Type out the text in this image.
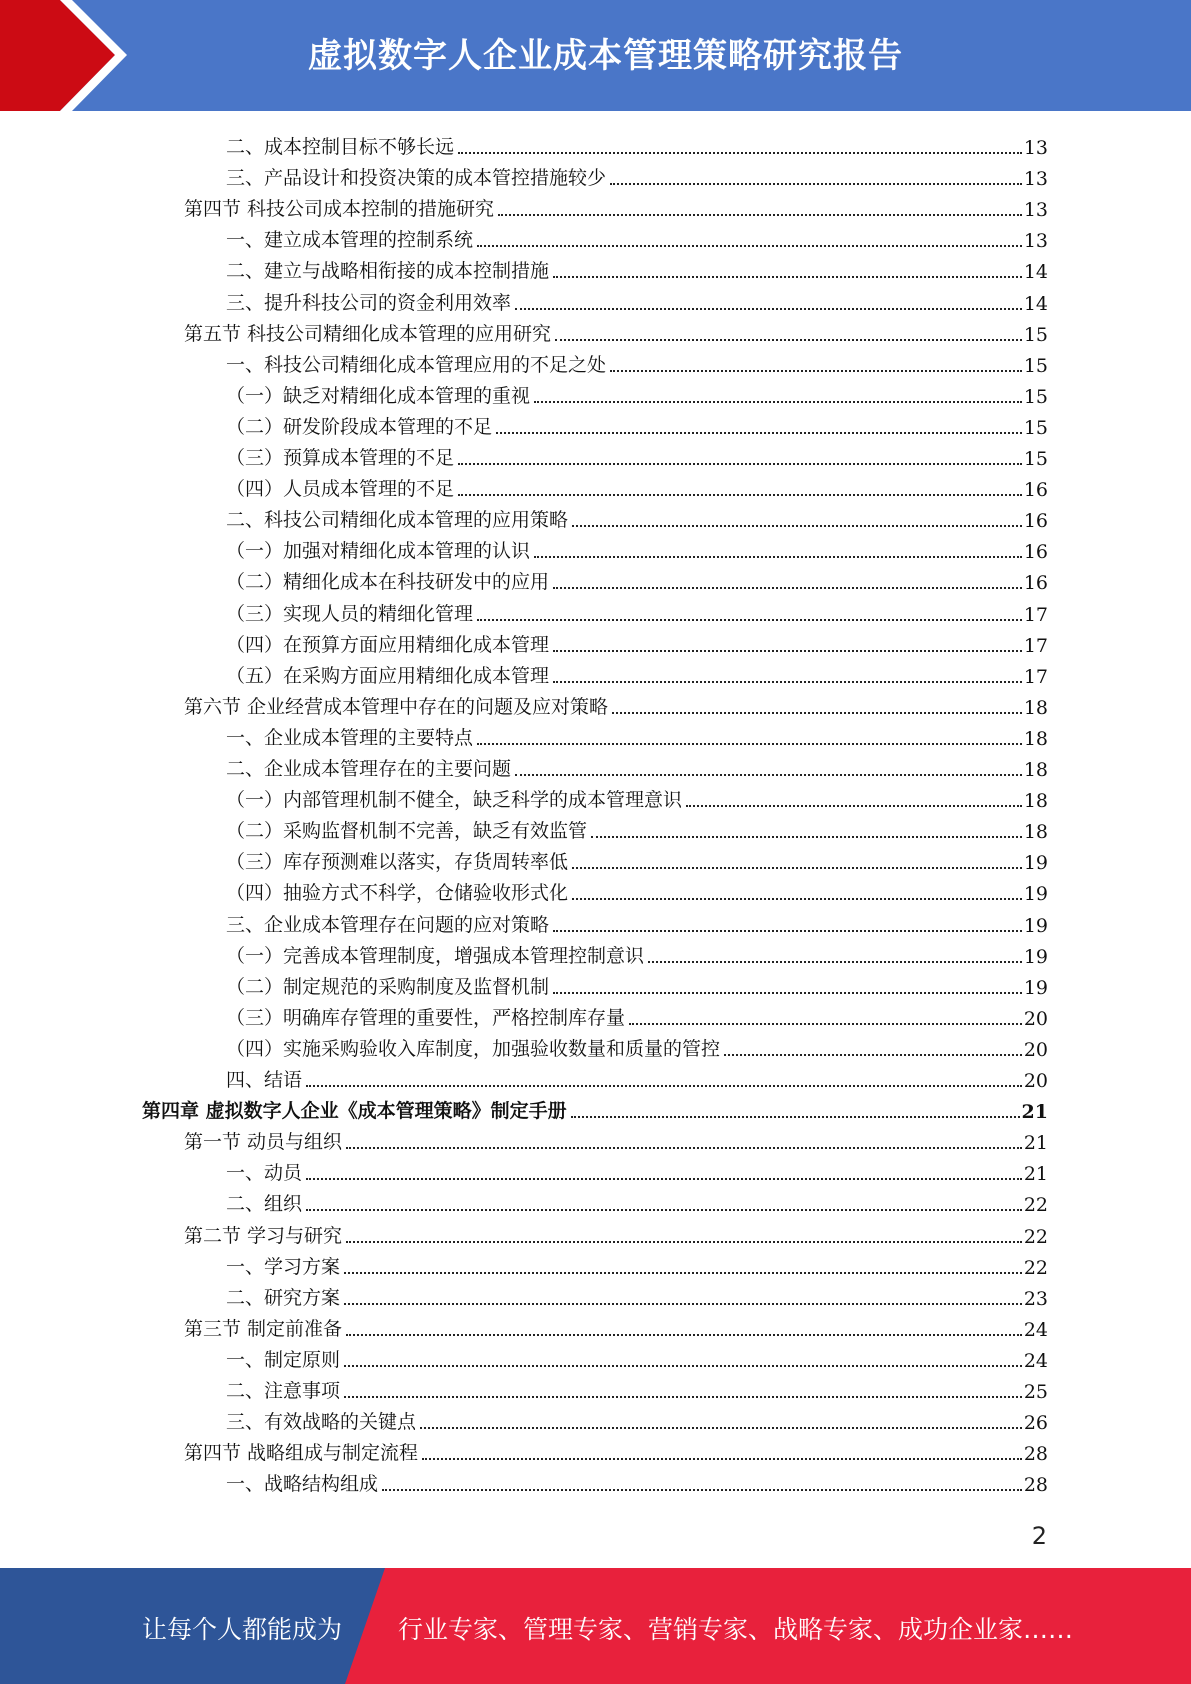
虚拟数字人企业成本管理策略研究报告
二、成本控制目标不够长远	13
三、产品设计和投资决策的成本管控措施较少	13
第四节 科技公司成本控制的措施研究	13
一、建立成本管理的控制系统	13
二、建立与战略相衔接的成本控制措施	14
三、提升科技公司的资金利用效率	14
第五节 科技公司精细化成本管理的应用研究	15
一、科技公司精细化成本管理应用的不足之处	15
（一）缺乏对精细化成本管理的重视	15
（二）研发阶段成本管理的不足	15
（三）预算成本管理的不足	15
（四）人员成本管理的不足	16
二、科技公司精细化成本管理的应用策略	16
（一）加强对精细化成本管理的认识	16
（二）精细化成本在科技研发中的应用	16
（三）实现人员的精细化管理	17
（四）在预算方面应用精细化成本管理	17
（五）在采购方面应用精细化成本管理	17
第六节 企业经营成本管理中存在的问题及应对策略	18
一、企业成本管理的主要特点	18
二、企业成本管理存在的主要问题	18
（一）内部管理机制不健全，缺乏科学的成本管理意识	18
（二）采购监督机制不完善，缺乏有效监管	18
（三）库存预测难以落实，存货周转率低	19
（四）抽验方式不科学，仓储验收形式化	19
三、企业成本管理存在问题的应对策略	19
（一）完善成本管理制度，增强成本管理控制意识	19
（二）制定规范的采购制度及监督机制	19
（三）明确库存管理的重要性，严格控制库存量	20
（四）实施采购验收入库制度，加强验收数量和质量的管控	20
四、结语	20
第四章 虚拟数字人企业《成本管理策略》制定手册	21
第一节 动员与组织	21
一、动员	21
二、组织	22
第二节 学习与研究	22
一、学习方案	22
二、研究方案	23
第三节 制定前准备	24
一、制定原则	24
二、注意事项	25
三、有效战略的关键点	26
第四节 战略组成与制定流程	28
一、战略结构组成	28
2
让每个人都能成为 行业专家、管理专家、营销专家、战略专家、成功企业家……
